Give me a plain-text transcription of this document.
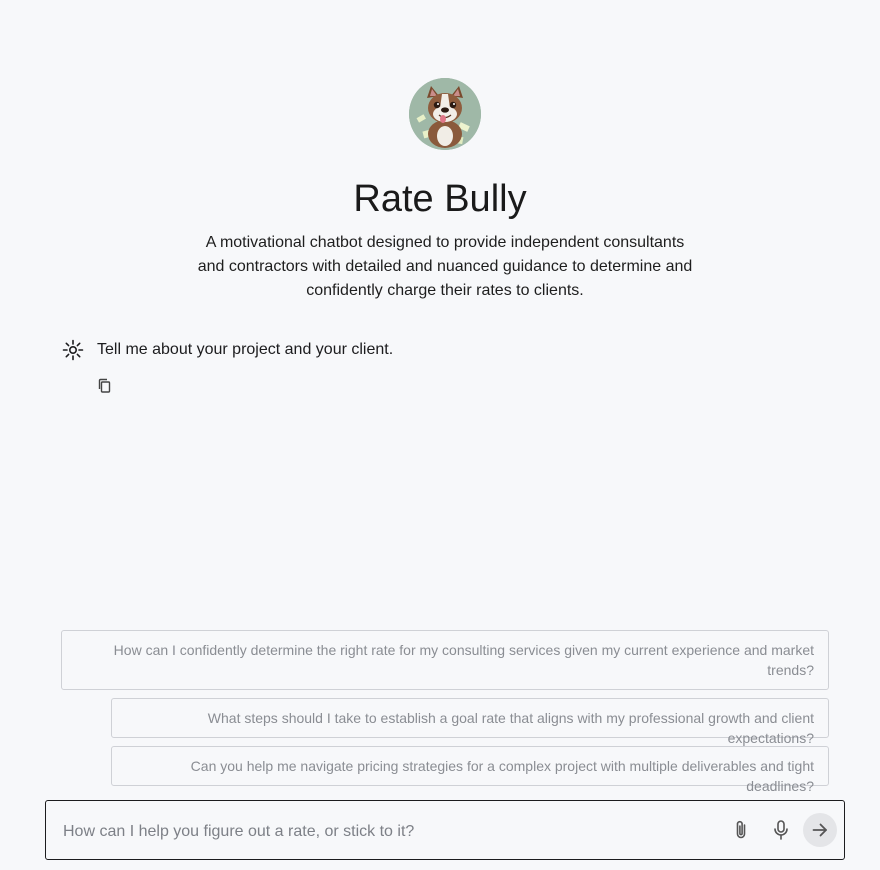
Rate Bully
A motivational chatbot designed to provide independent consultants and contractors with detailed and nuanced guidance to determine and confidently charge their rates to clients.
Tell me about your project and your client.
How can I confidently determine the right rate for my consulting services given my current experience and market trends?
What steps should I take to establish a goal rate that aligns with my professional growth and client expectations?
Can you help me navigate pricing strategies for a complex project with multiple deliverables and tight deadlines?
How can I help you figure out a rate, or stick to it?
